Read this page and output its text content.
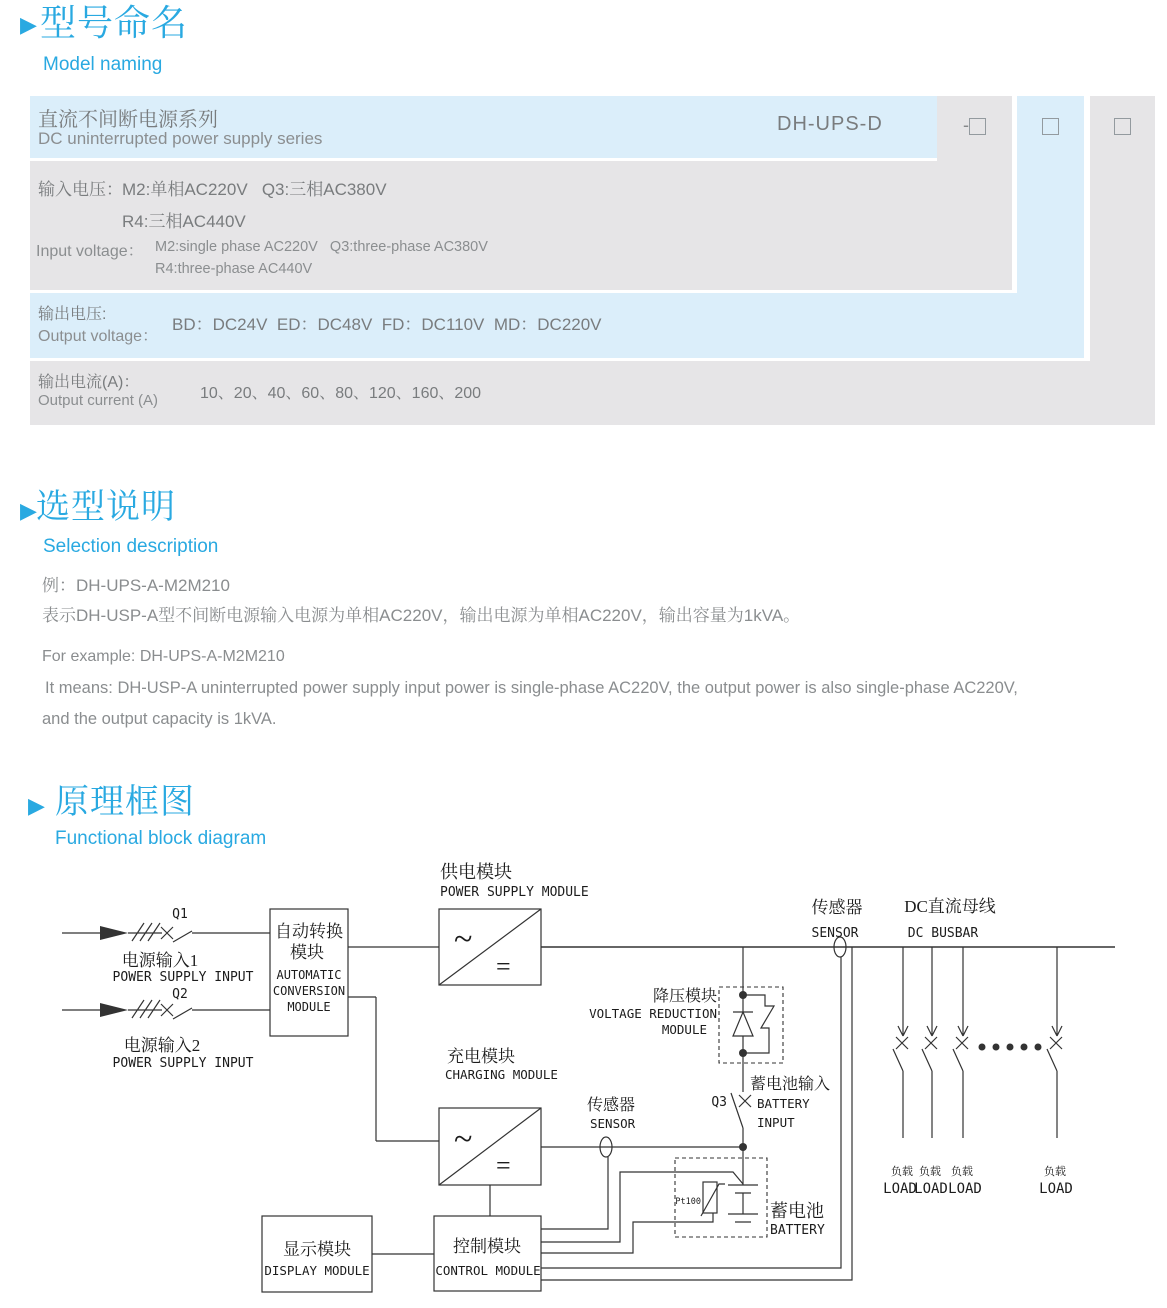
▶ 型号命名

Model naming

-
直流不间断电源系列
DC uninterrupted power supply series
DH-UPS-D
输入电压： M2:单相AC220V   Q3:三相AC380V
R4:三相AC440V
Input voltage： M2:single phase AC220V   Q3:three-phase AC380V
R4:three-phase AC440V
输出电压:
Output voltage：
BD：DC24V  ED：DC48V  FD：DC110V  MD：DC220V
输出电流(A)：
Output current (A)	10、20、40、60、80、120、160、200
▶ 选型说明

Selection description

例：DH-UPS-A-M2M210
表示DH-USP-A型不间断电源输入电源为单相AC220V，输出电源为单相AC220V，输出容量为1kVA。
For example: DH-UPS-A-M2M210
It means: DH-USP-A uninterrupted power supply input power is single-phase AC220V, the output power is also single-phase AC220V,
and the output capacity is 1kVA.
▶ 原理框图

Functional block diagram

Q1
电源输入1
POWER SUPPLY INPUT
Q2
电源输入2
POWER SUPPLY INPUT
自动转换
模块
AUTOMATIC
CONVERSION
MODULE
~
=
供电模块
POWER SUPPLY MODULE
传感器
SENSOR
DC直流母线
DC BUSBAR
~
=
充电模块
CHARGING MODULE
传感器
SENSOR
降压模块
VOLTAGE REDUCTION
MODULE
Q3
蓄电池输入
BATTERY
INPUT
Pt100	蓄电池
BATTERY
显示模块
DISPLAY MODULE
控制模块
CONTROL MODULE
负载 负载 负载	负载
LOAD
LOAD LOAD	LOAD
